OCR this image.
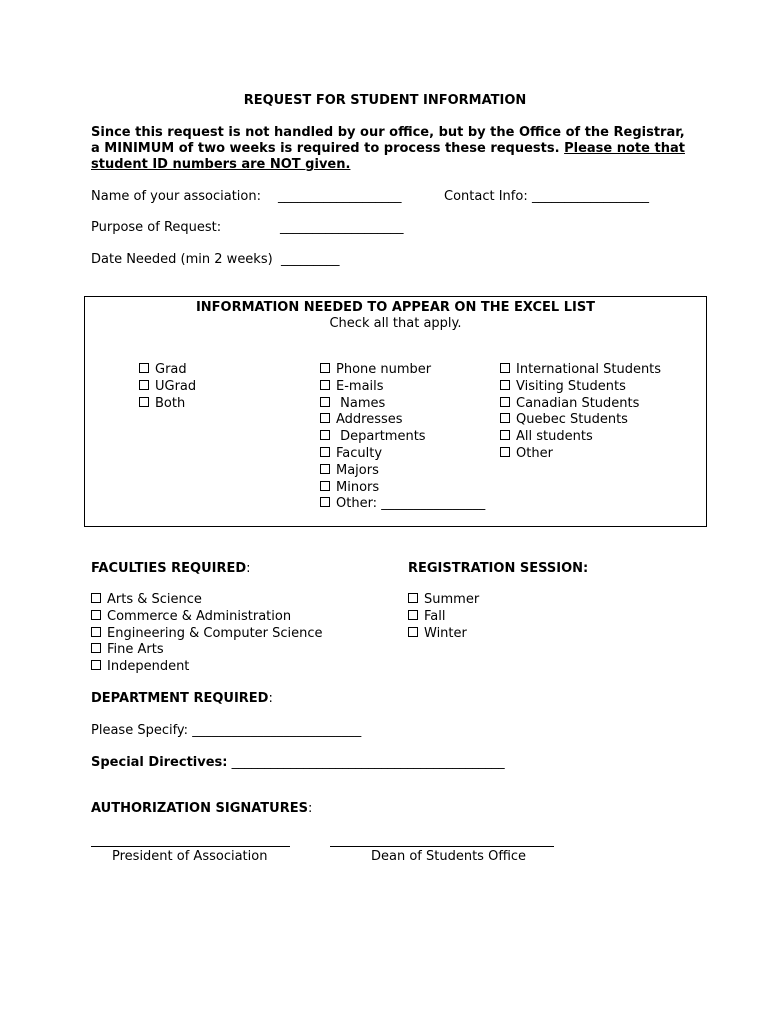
REQUEST FOR STUDENT INFORMATION
Since this request is not handled by our office, but by the Office of the Registrar, a MINIMUM of two weeks is required to process these requests. Please note that student ID numbers are NOT given.
Name of your association: ___________________	Contact Info: __________________
Purpose of Request:	___________________
Date Needed (min 2 weeks) _________
INFORMATION NEEDED TO APPEAR ON THE EXCEL LIST
Check all that apply.
Grad
UGrad
Both
Phone number
E-mails
Names
Addresses
Departments
Faculty
Majors
Minors
Other: ________________
International Students
Visiting Students
Canadian Students
Quebec Students
All students
Other
FACULTIES REQUIRED:
Arts & Science
Commerce & Administration
Engineering & Computer Science
Fine Arts
Independent
REGISTRATION SESSION:
Summer
Fall
Winter
DEPARTMENT REQUIRED:
Please Specify: __________________________
Special Directives: __________________________________________
AUTHORIZATION SIGNATURES:
President of Association	Dean of Students Office
